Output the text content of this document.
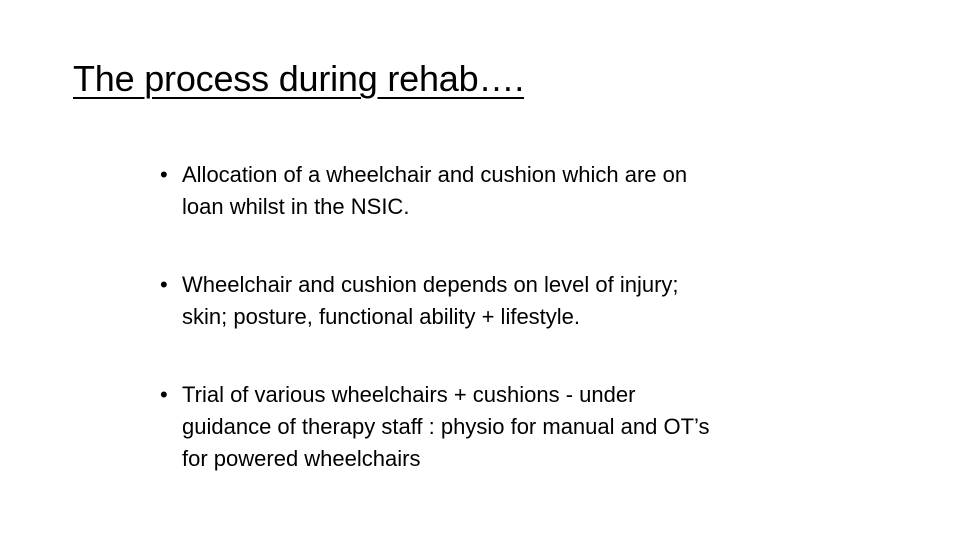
The process during rehab….
• Allocation of a wheelchair and cushion which are on
loan whilst in the NSIC.
• Wheelchair and cushion depends on level of injury;
skin; posture, functional ability + lifestyle.
• Trial of various wheelchairs + cushions - under
guidance of therapy staff : physio for manual and OT’s
for powered wheelchairs
